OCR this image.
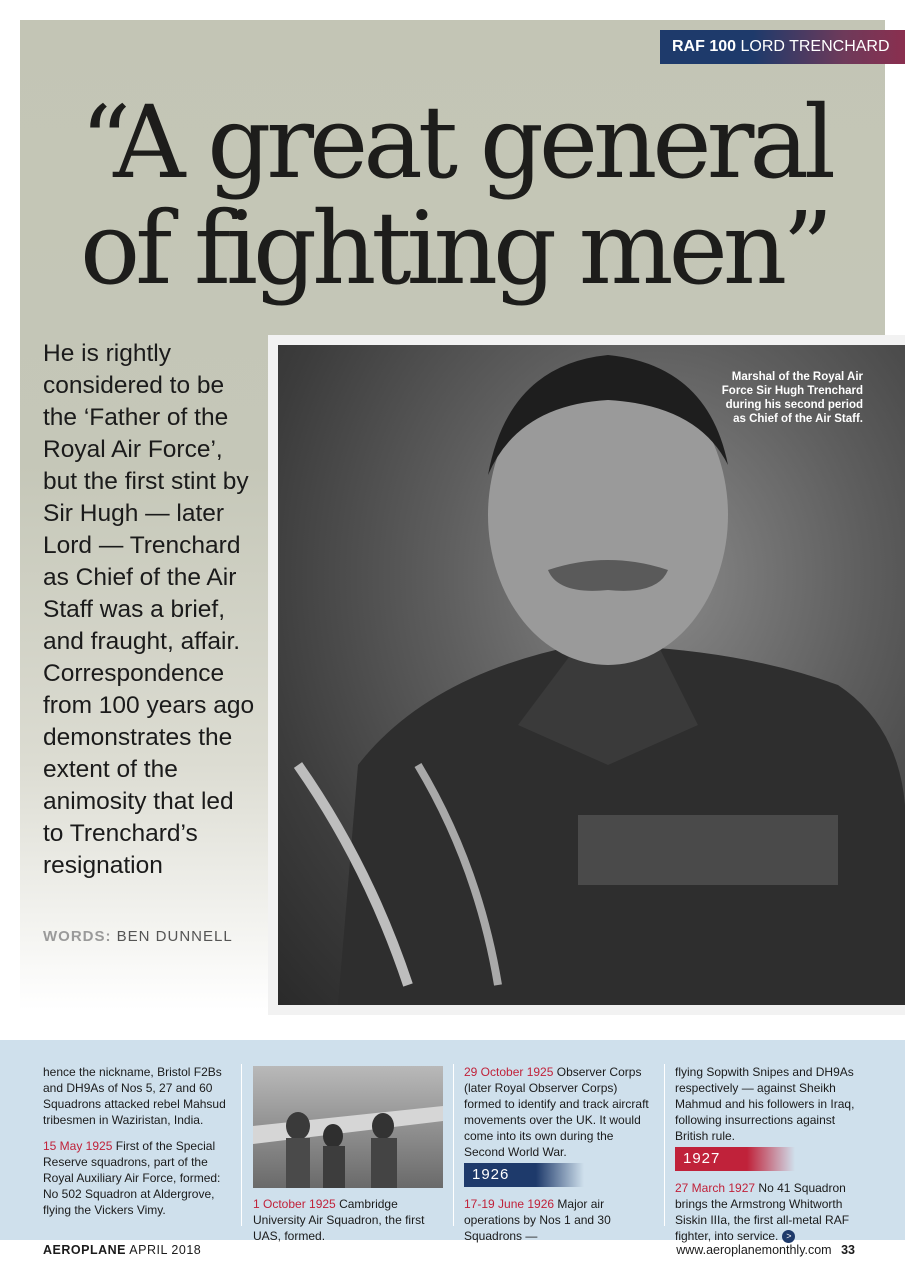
RAF 100 LORD TRENCHARD
“A great general of fighting men”

He is rightly considered to be the ‘Father of the Royal Air Force’, but the first stint by Sir Hugh — later Lord — Trenchard as Chief of the Air Staff was a brief, and fraught, affair. Correspondence from 100 years ago demonstrates the extent of the animosity that led to Trenchard’s resignation

WORDS: BEN DUNNELL
Marshal of the Royal Air Force Sir Hugh Trenchard during his second period as Chief of the Air Staff.

hence the nickname, Bristol F2Bs and DH9As of Nos 5, 27 and 60 Squadrons attacked rebel Mahsud tribesmen in Waziristan, India.

15 May 1925 First of the Special Reserve squadrons, part of the Royal Auxiliary Air Force, formed: No 502 Squadron at Aldergrove, flying the Vickers Vimy.	1 October 1925 Cambridge University Air Squadron, the first UAS, formed.

29 October 1925 Observer Corps (later Royal Observer Corps) formed to identify and track aircraft movements over the UK. It would come into its own during the Second World War.

1926

17-19 June 1926 Major air operations by Nos 1 and 30 Squadrons —

flying Sopwith Snipes and DH9As respectively — against Sheikh Mahmud and his followers in Iraq, following insurrections against British rule.

1927

27 March 1927 No 41 Squadron brings the Armstrong Whitworth Siskin IIIa, the first all-metal RAF fighter, into service. >

AEROPLANE APRIL 2018	www.aeroplanemonthly.com 33
